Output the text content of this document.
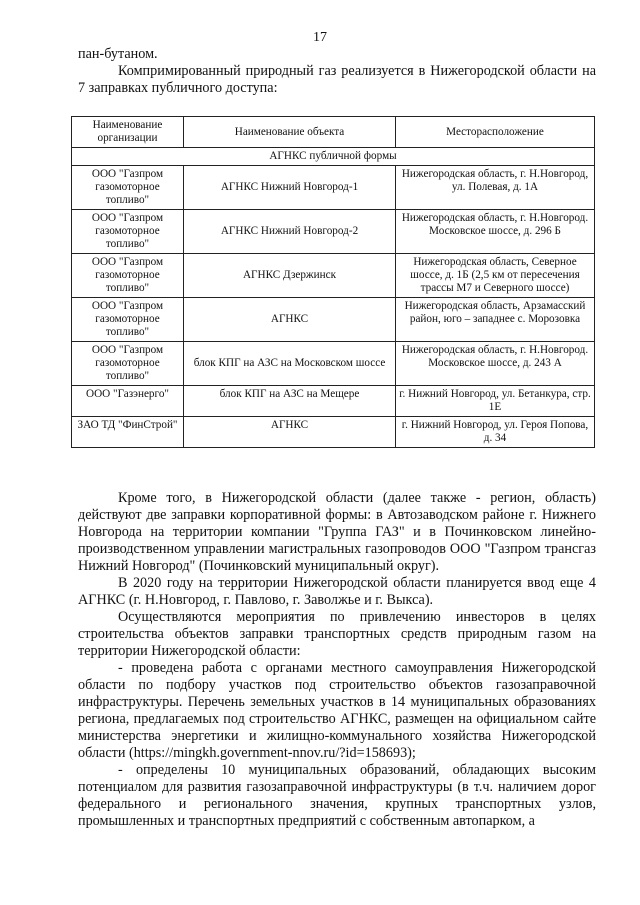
17

пан-бутаном.

Компримированный природный газ реализуется в Нижегородской области на 7 заправках публичного доступа:

Наименование организации	Наименование объекта	Месторасположение
АГНКС публичной формы		
ООО "Газпром газомоторное топливо"	АГНКС Нижний Новгород-1	Нижегородская область, г. Н.Новгород, ул. Полевая, д. 1А
ООО "Газпром газомоторное топливо"	АГНКС Нижний Новгород-2	Нижегородская область, г. Н.Новгород. Московское шоссе, д. 296 Б
ООО "Газпром газомоторное топливо"	АГНКС Дзержинск	Нижегородская область, Северное шоссе, д. 1Б (2,5 км от пересечения трассы М7 и Северного шоссе)
ООО "Газпром газомоторное топливо"	АГНКС	Нижегородская область, Арзамасский район, юго – западнее с. Морозовка
ООО "Газпром газомоторное топливо"	блок КПГ на АЗС на Московском шоссе	Нижегородская область, г. Н.Новгород. Московское шоссе, д. 243 А
ООО "Газэнерго"	блок КПГ на АЗС на Мещере	г. Нижний Новгород, ул. Бетанкура, стр. 1Е
ЗАО ТД "ФинСтрой"	АГНКС	г. Нижний Новгород, ул. Героя Попова, д. 34

Кроме того, в Нижегородской области (далее также - регион, область) действуют две заправки корпоративной формы: в Автозаводском районе г. Нижнего Новгорода на территории компании "Группа ГАЗ" и в Починковском линейно-производственном управлении магистральных газопроводов ООО "Газпром трансгаз Нижний Новгород" (Починковский муниципальный округ).

В 2020 году на территории Нижегородской области планируется ввод еще 4 АГНКС (г. Н.Новгород, г. Павлово, г. Заволжье и г. Выкса).

Осуществляются мероприятия по привлечению инвесторов в целях строительства объектов заправки транспортных средств природным газом на территории Нижегородской области:

- проведена работа с органами местного самоуправления Нижегородской области по подбору участков под строительство объектов газозаправочной инфраструктуры. Перечень земельных участков в 14 муниципальных образованиях региона, предлагаемых под строительство АГНКС, размещен на официальном сайте министерства энергетики и жилищно-коммунального хозяйства Нижегородской области (https://mingkh.government-nnov.ru/?id=158693);

- определены 10 муниципальных образований, обладающих высоким потенциалом для развития газозаправочной инфраструктуры (в т.ч. наличием дорог федерального и регионального значения, крупных транспортных узлов, промышленных и транспортных предприятий с собственным автопарком, а
